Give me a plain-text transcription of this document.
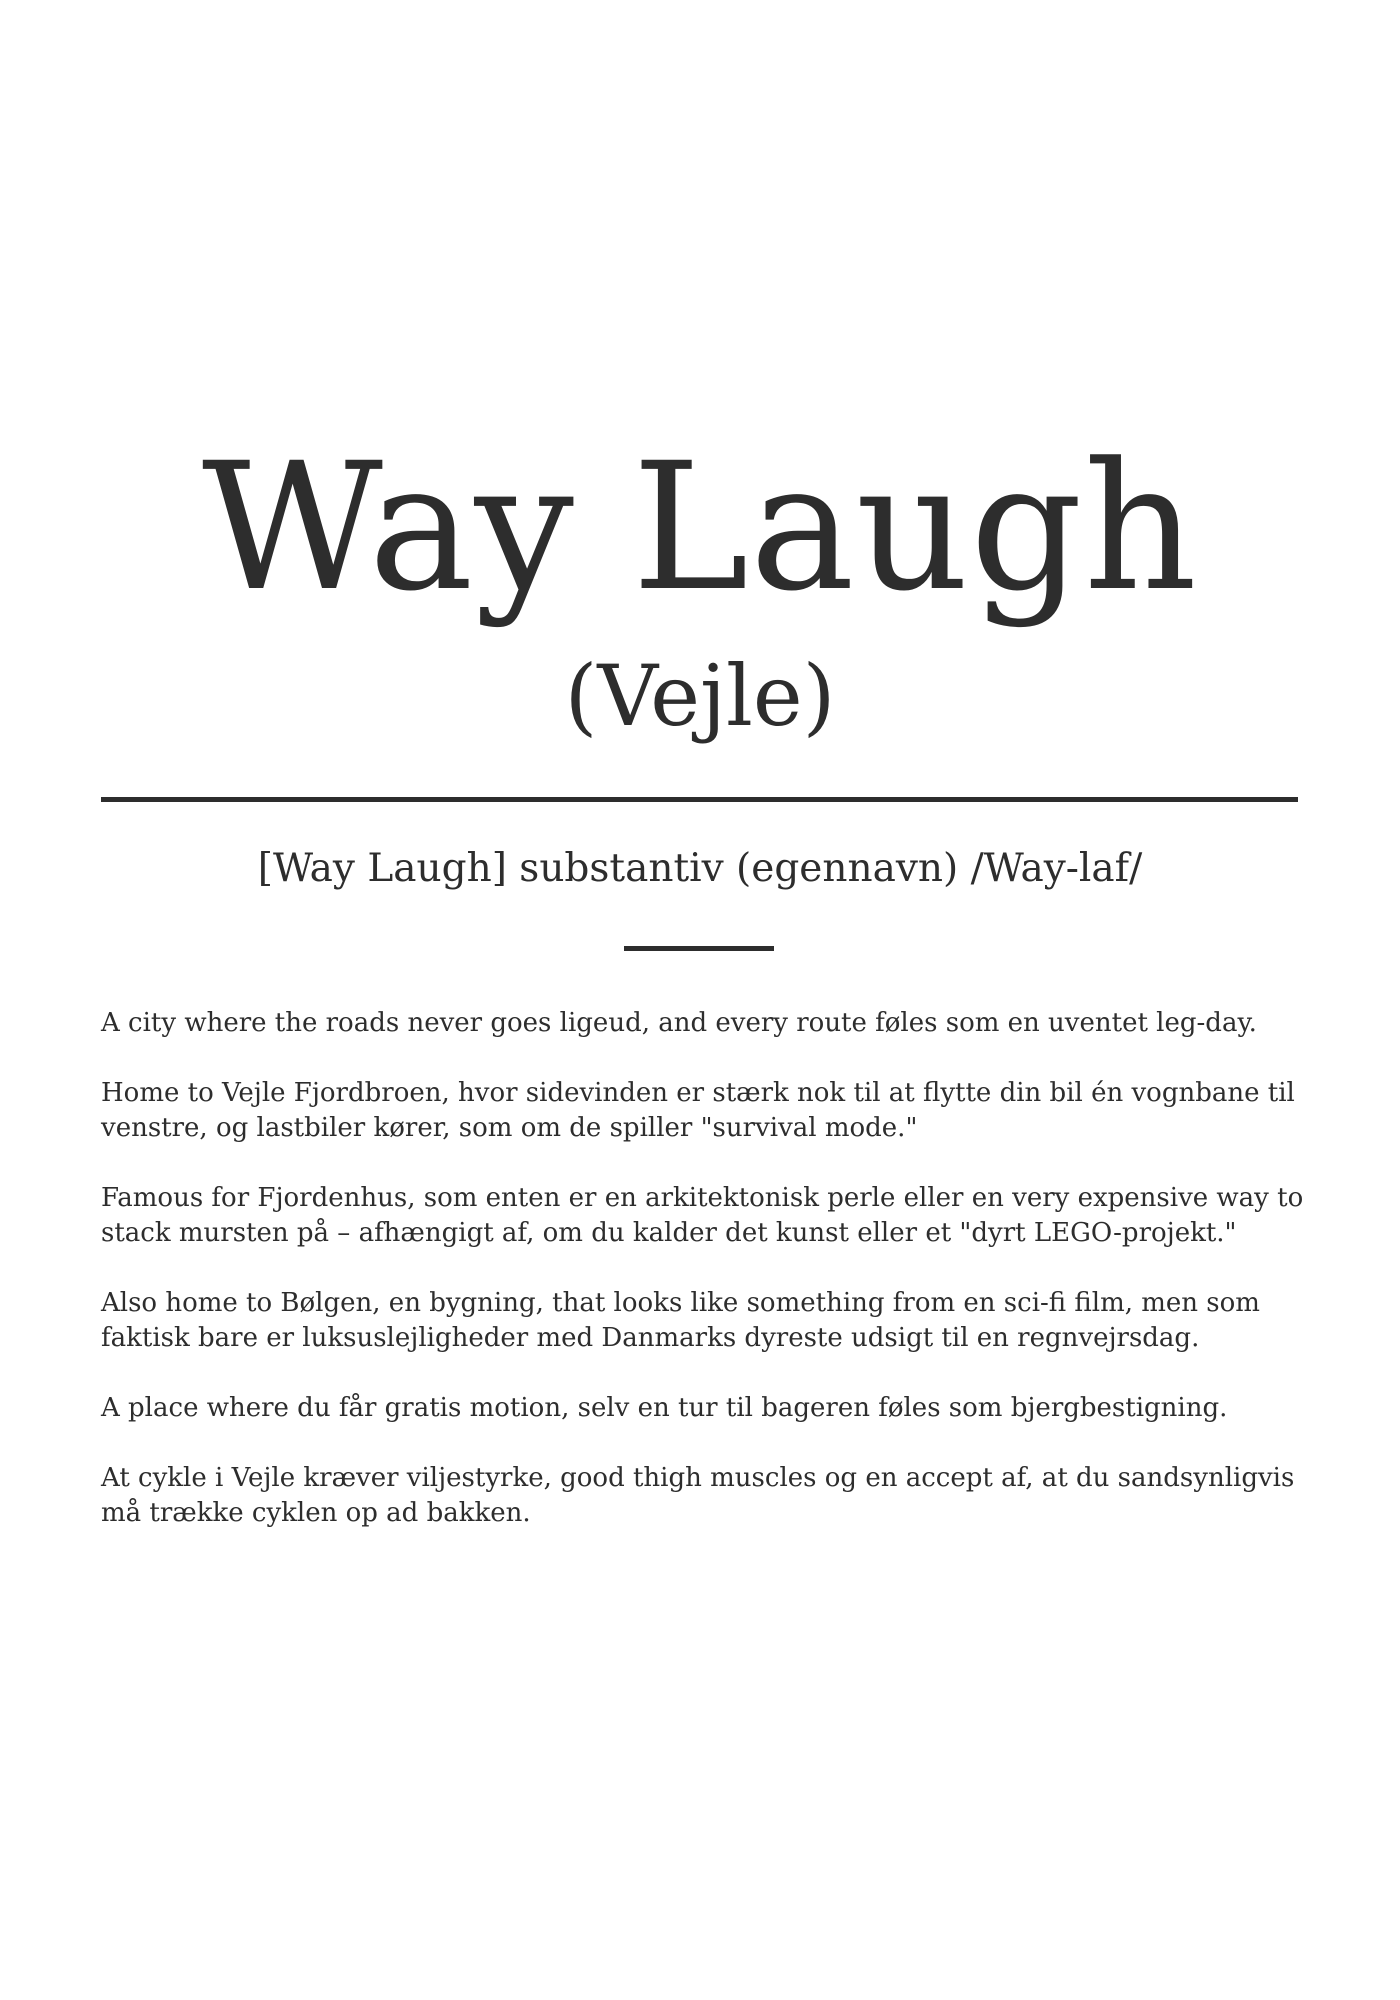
Way Laugh
(Vejle)
[Way Laugh] substantiv (egennavn) /Way-laf/

A city where the roads never goes ligeud, and every route føles som en uventet leg-day.

Home to Vejle Fjordbroen, hvor sidevinden er stærk nok til at flytte din bil én vognbane til venstre, og lastbiler kører, som om de spiller "survival mode."

Famous for Fjordenhus, som enten er en arkitektonisk perle eller en very expensive way to stack mursten på – afhængigt af, om du kalder det kunst eller et "dyrt LEGO-projekt."

Also home to Bølgen, en bygning, that looks like something from en sci-fi film, men som faktisk bare er luksuslejligheder med Danmarks dyreste udsigt til en regnvejrsdag.

A place where du får gratis motion, selv en tur til bageren føles som bjergbestigning.

At cykle i Vejle kræver viljestyrke, good thigh muscles og en accept af, at du sandsynligvis må trække cyklen op ad bakken.
